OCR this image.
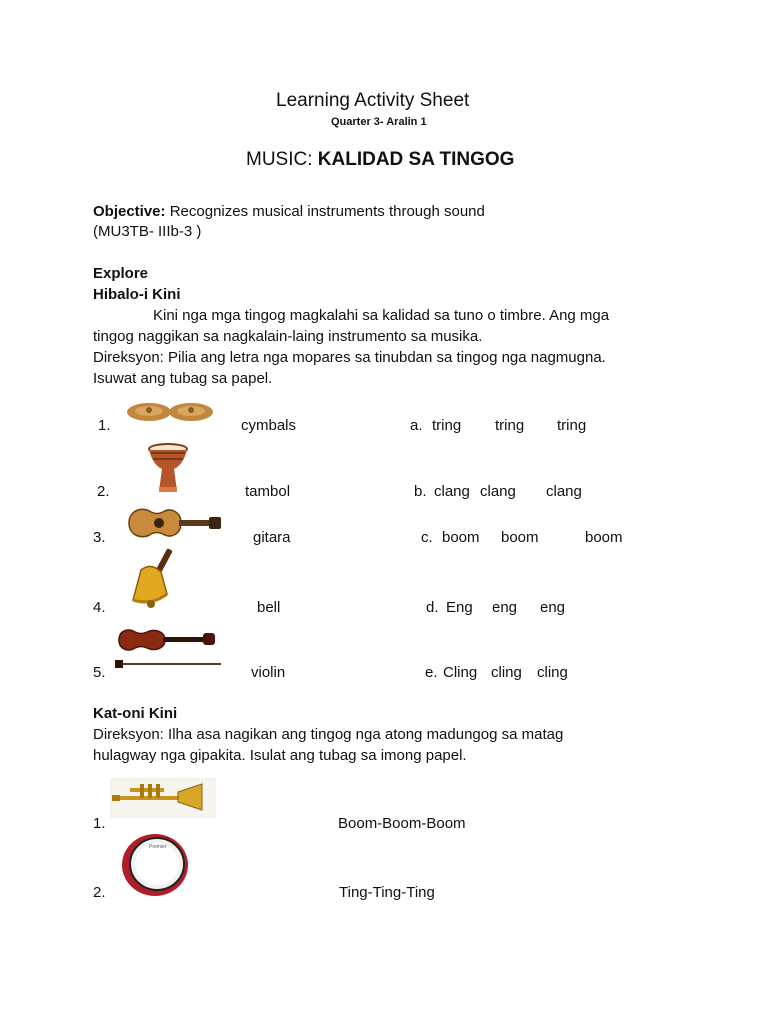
Learning Activity Sheet
Quarter 3- Aralin 1
MUSIC: KALIDAD SA TINGOG
Objective: Recognizes musical instruments through sound
(MU3TB- IIIb-3 )
Explore
Hibalo-i Kini
Kini nga mga tingog magkalahi sa kalidad sa tuno o timbre. Ang mga
tingog naggikan sa nagkalain-laing instrumento sa musika.
Direksyon: Pilia ang letra nga mopares sa tinubdan sa tingog nga nagmugna.
Isuwat ang tubag sa papel.
1.	cymbals	a. tring tring tring
2.	tambol	b. clang clang clang
3.	gitara	c. boom boom	boom
4.	bell	d. Eng eng eng
5.	violin	e. Cling cling cling
Kat-oni Kini
Direksyon: Ilha asa nagikan ang tingog nga atong madungog sa matag
hulagway nga gipakita. Isulat ang tubag sa imong papel.
1.	Boom-Boom-Boom
Premier
2.	Ting-Ting-Ting
